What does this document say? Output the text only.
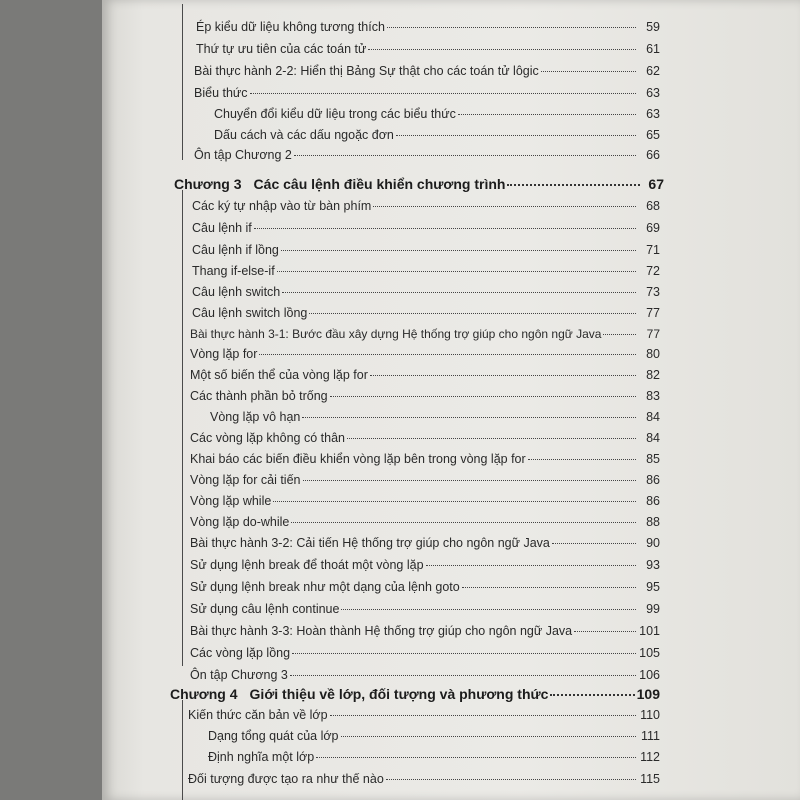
Ép kiểu dữ liệu không tương thích	59
Thứ tự ưu tiên của các toán tử	61
Bài thực hành 2-2: Hiển thị Bảng Sự thật cho các toán tử lôgic	62
Biểu thức	63
Chuyển đổi kiểu dữ liệu trong các biểu thức	63
Dấu cách và các dấu ngoặc đơn	65
Ôn tập Chương 2	66
Chương 3 Các câu lệnh điều khiển chương trình	67
Các ký tự nhập vào từ bàn phím	68
Câu lệnh if	69
Câu lệnh if lồng	71
Thang if-else-if	72
Câu lệnh switch	73
Câu lệnh switch lồng	77
Bài thực hành 3-1: Bước đầu xây dựng Hệ thống trợ giúp cho ngôn ngữ Java	77
Vòng lặp for	80
Một số biến thể của vòng lặp for	82
Các thành phần bỏ trống	83
Vòng lặp vô hạn	84
Các vòng lặp không có thân	84
Khai báo các biến điều khiển vòng lặp bên trong vòng lặp for	85
Vòng lặp for cải tiến	86
Vòng lặp while	86
Vòng lặp do-while	88
Bài thực hành 3-2: Cải tiến Hệ thống trợ giúp cho ngôn ngữ Java	90
Sử dụng lệnh break để thoát một vòng lặp	93
Sử dụng lệnh break như một dạng của lệnh goto	95
Sử dụng câu lệnh continue	99
Bài thực hành 3-3: Hoàn thành Hệ thống trợ giúp cho ngôn ngữ Java	101
Các vòng lặp lồng	105
Ôn tập Chương 3	106
Chương 4 Giới thiệu về lớp, đối tượng và phương thức	109
Kiến thức căn bản về lớp	110
Dạng tổng quát của lớp	111
Định nghĩa một lớp	112
Đối tượng được tạo ra như thế nào	115
